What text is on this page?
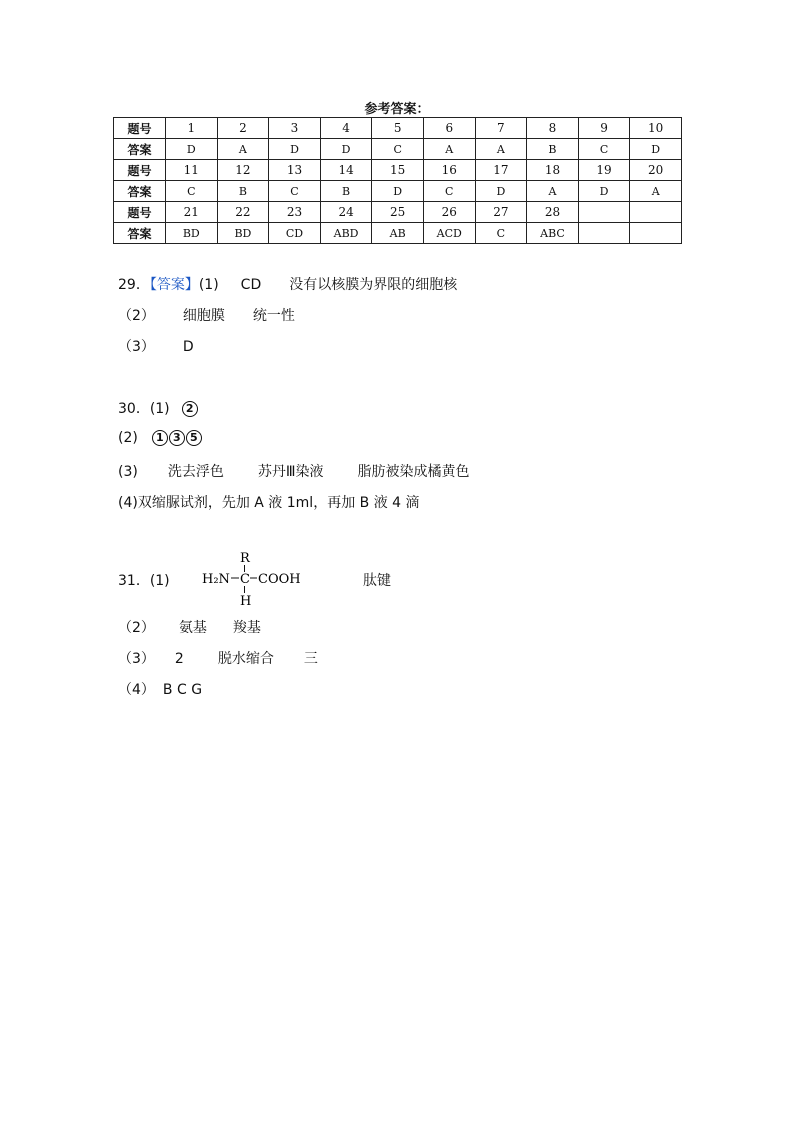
参考答案：
题号	1	2	3	4	5	6	7	8	9	10
答案	D	A	D	D	C	A	A	B	C	D
题号	11	12	13	14	15	16	17	18	19	20
答案	C	B	C	B	D	C	D	A	D	A
题号	21	22	23	24	25	26	27	28		
答案	BD	BD	CD	ABD	AB	ACD	C	ABC		
29．【答案】(1) CD 没有以核膜为界限的细胞核
（2） 细胞膜 统一性
（3） D
30．(1) 2
(2) 1 3 5
(3) 洗去浮色 苏丹Ⅲ染液 脂肪被染成橘黄色
(4)双缩脲试剂，先加 A 液 1ml，再加 B 液 4 滴
31．(1)
R
H₂N C COOH
H
肽键
（2） 氨基 羧基
（3） 2 脱水缩合 三
（4） B C G
